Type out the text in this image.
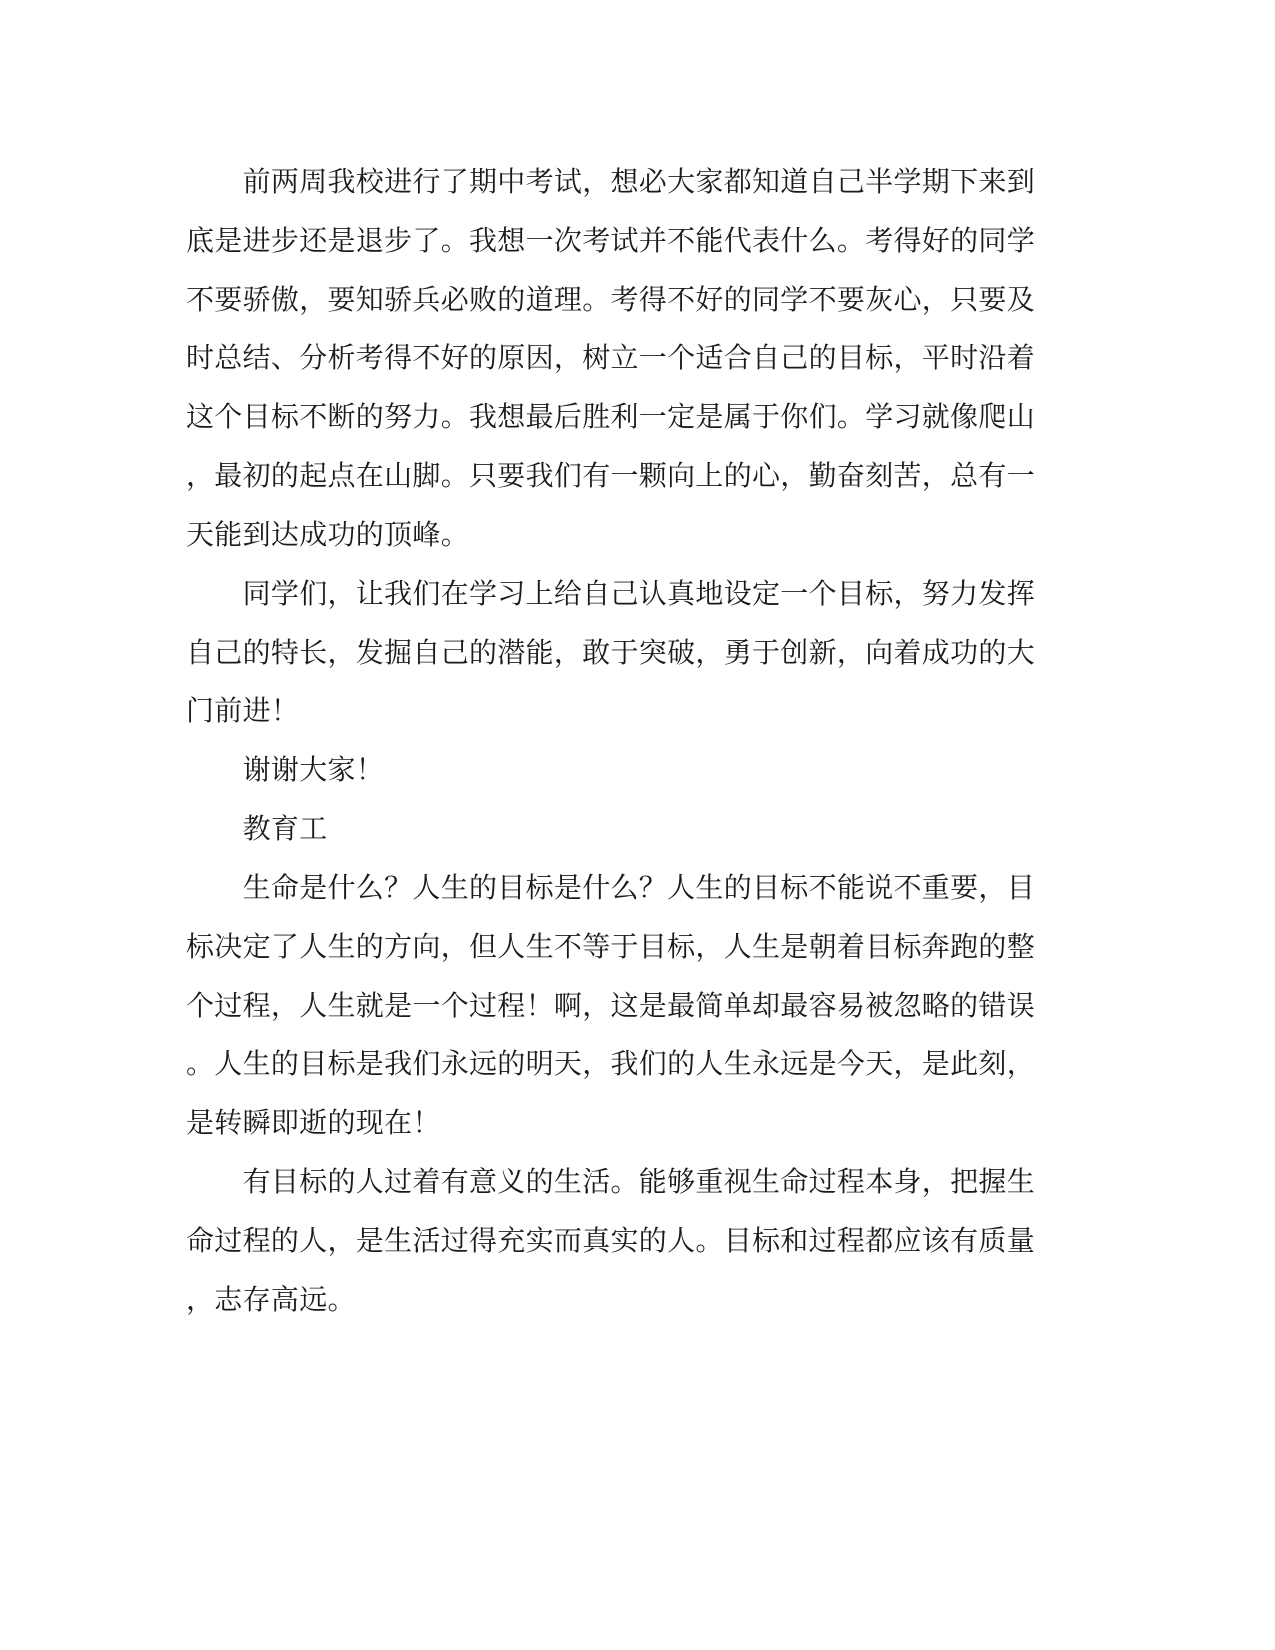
　　前两周我校进行了期中考试，想必大家都知道自己半学期下来到
底是进步还是退步了。我想一次考试并不能代表什么。考得好的同学
不要骄傲，要知骄兵必败的道理。考得不好的同学不要灰心，只要及
时总结、分析考得不好的原因，树立一个适合自己的目标，平时沿着
这个目标不断的努力。我想最后胜利一定是属于你们。学习就像爬山
，最初的起点在山脚。只要我们有一颗向上的心，勤奋刻苦，总有一
天能到达成功的顶峰。
　　同学们，让我们在学习上给自己认真地设定一个目标，努力发挥
自己的特长，发掘自己的潜能，敢于突破，勇于创新，向着成功的大
门前进！
　　谢谢大家！
　　教育工
　　生命是什么？人生的目标是什么？人生的目标不能说不重要，目
标决定了人生的方向，但人生不等于目标，人生是朝着目标奔跑的整
个过程，人生就是一个过程！啊，这是最简单却最容易被忽略的错误
。人生的目标是我们永远的明天，我们的人生永远是今天，是此刻，
是转瞬即逝的现在！
　　有目标的人过着有意义的生活。能够重视生命过程本身，把握生
命过程的人，是生活过得充实而真实的人。目标和过程都应该有质量
，志存高远。
